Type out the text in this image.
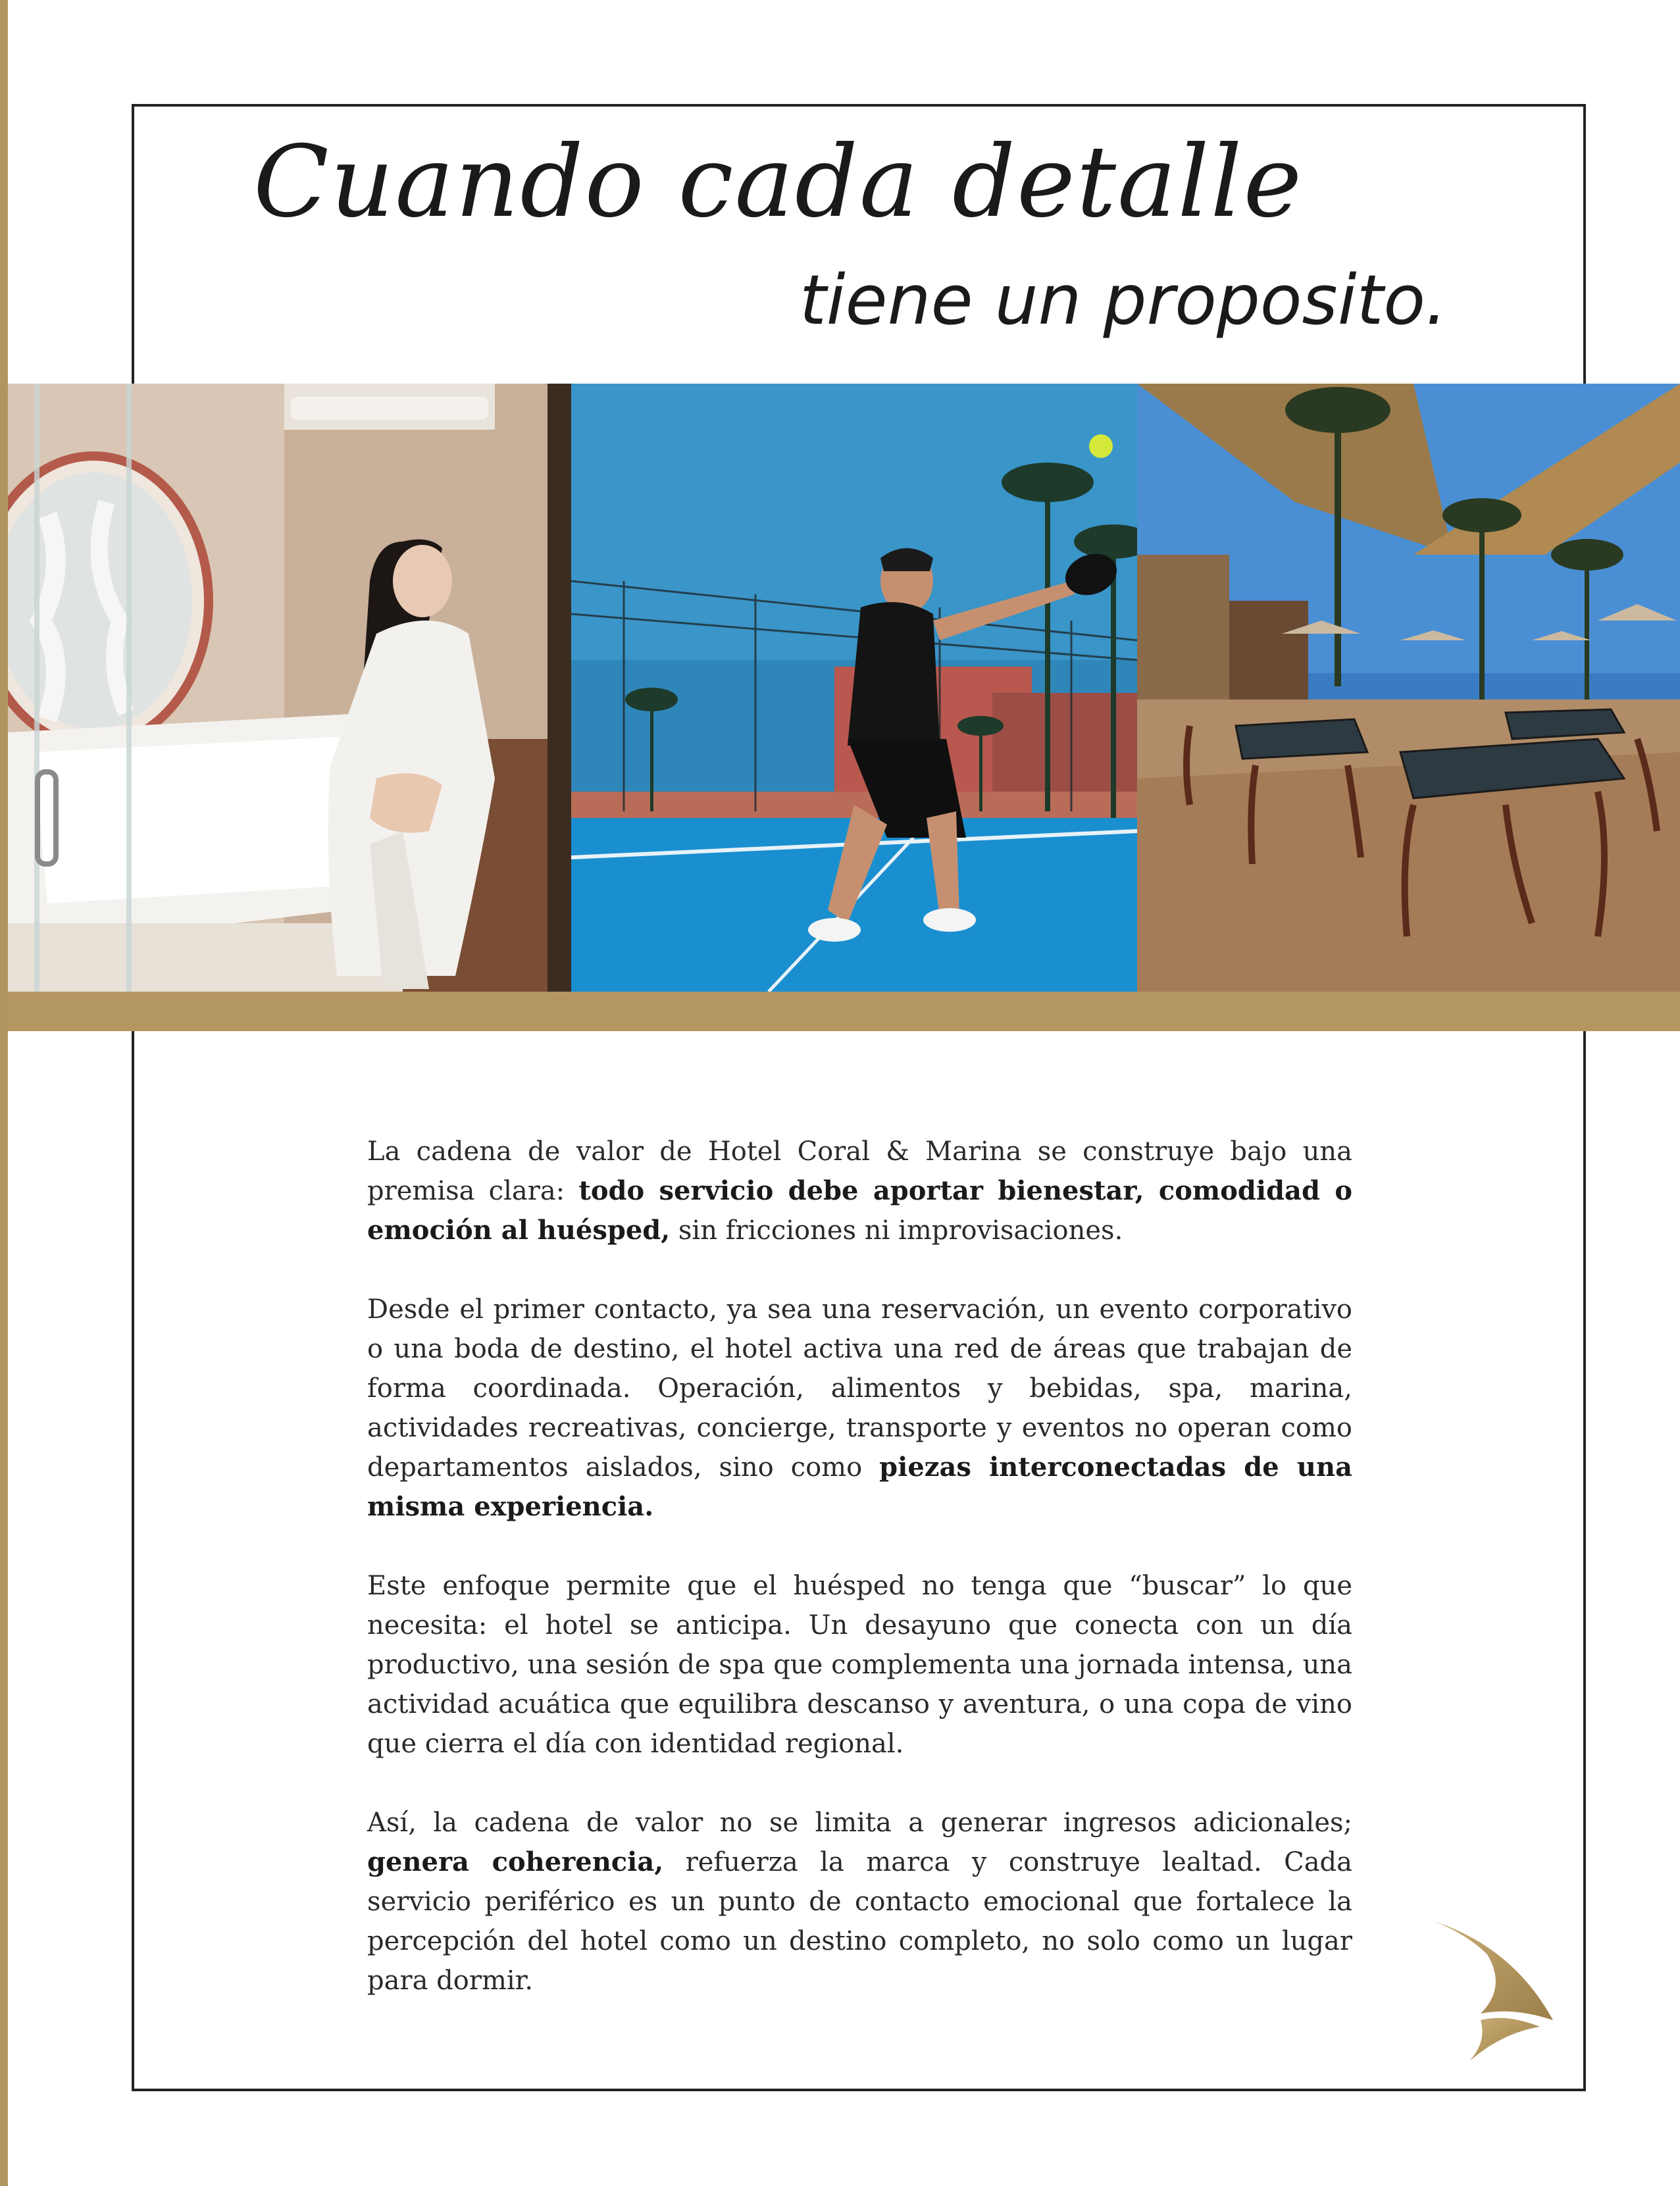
Cuando cada detalle
tiene un proposito.

La cadena de valor de Hotel Coral & Marina se construye bajo una premisa clara: todo servicio debe aportar bienestar, comodidad o emoción al huésped, sin fricciones ni improvisaciones.

Desde el primer contacto, ya sea una reservación, un evento corporativo o una boda de destino, el hotel activa una red de áreas que trabajan de forma coordinada. Operación, alimentos y bebidas, spa, marina, actividades recreativas, concierge, transporte y eventos no operan como departamentos aislados, sino como piezas interconectadas de una misma experiencia.

Este enfoque permite que el huésped no tenga que “buscar” lo que necesita: el hotel se anticipa. Un desayuno que conecta con un día productivo, una sesión de spa que complementa una jornada intensa, una actividad acuática que equilibra descanso y aventura, o una copa de vino que cierra el día con identidad regional.

Así, la cadena de valor no se limita a generar ingresos adicionales; genera coherencia, refuerza la marca y construye lealtad. Cada servicio periférico es un punto de contacto emocional que fortalece la percepción del hotel como un destino completo, no solo como un lugar para dormir.
